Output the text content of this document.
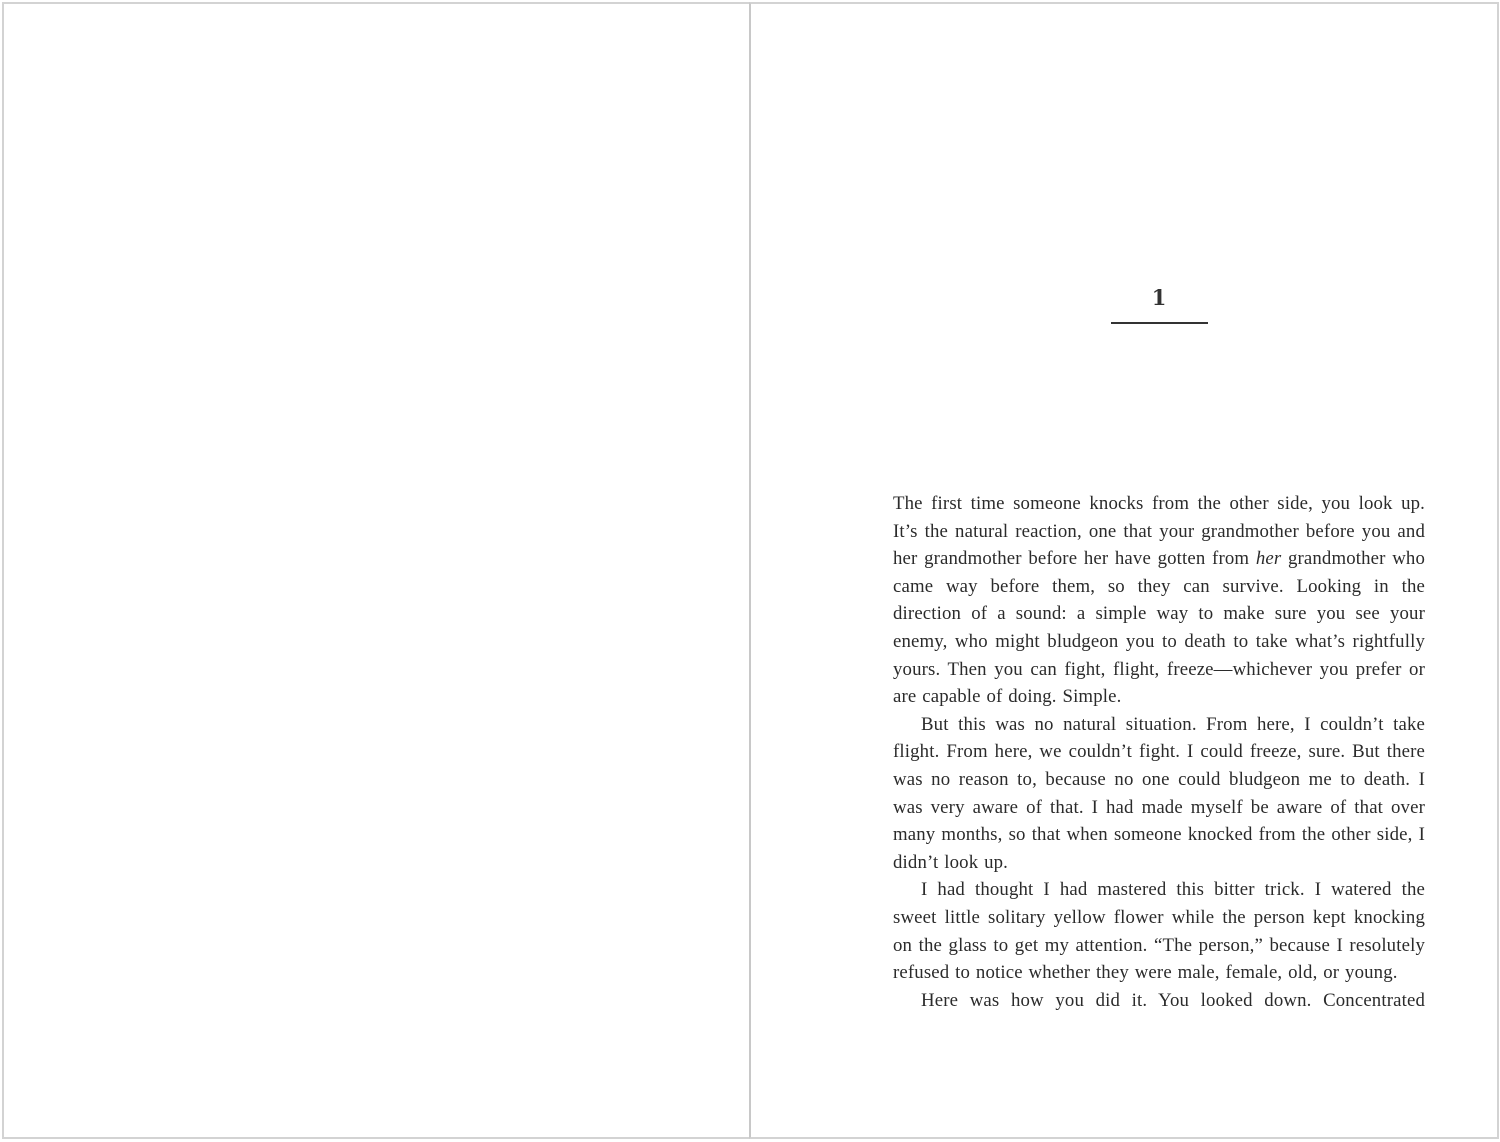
1

The first time someone knocks from the other side, you look up. It’s the natural reaction, one that your grandmother before you and her grandmother before her have gotten from her grandmother who came way before them, so they can survive. Looking in the direction of a sound: a simple way to make sure you see your enemy, who might bludgeon you to death to take what’s rightfully yours. Then you can fight, flight, freeze—whichever you prefer or are capable of doing. Simple.

But this was no natural situation. From here, I couldn’t take flight. From here, we couldn’t fight. I could freeze, sure. But there was no reason to, because no one could bludgeon me to death. I was very aware of that. I had made myself be aware of that over many months, so that when someone knocked from the other side, I didn’t look up.

I had thought I had mastered this bitter trick. I watered the sweet little solitary yellow flower while the person kept knocking on the glass to get my attention. “The person,” because I resolutely refused to notice whether they were male, female, old, or young.

Here was how you did it. You looked down. Concentrated
